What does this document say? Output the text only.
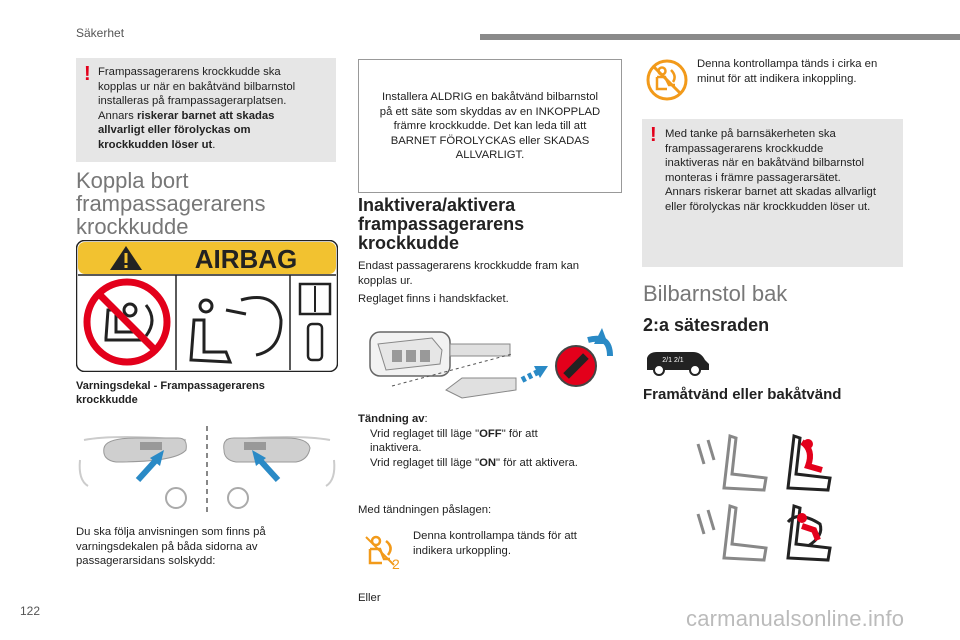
Säkerhet
! Frampassagerarens krockkudde ska
kopplas ur när en bakåtvänd bilbarnstol
installeras på frampassagerarplatsen.
Annars riskerar barnet att skadas
allvarligt eller förolyckas om
krockkudden löser ut.
Koppla bort
frampassagerarens
krockkudde
AIRBAG
Varningsdekal - Frampassagerarens
krockkudde
Du ska följa anvisningen som finns på
varningsdekalen på båda sidorna av
passagerarsidans solskydd:
Installera ALDRIG en bakåtvänd bilbarnstol
på ett säte som skyddas av en INKOPPLAD
främre krockkudde. Det kan leda till att
BARNET FÖROLYCKAS eller SKADAS
ALLVARLIGT.
Inaktivera/aktivera
frampassagerarens
krockkudde
Endast passagerarens krockkudde fram kan
kopplas ur.
Reglaget finns i handskfacket.
Tändning av:
Vrid reglaget till läge "OFF" för att
inaktivera.
Vrid reglaget till läge "ON" för att aktivera.
Med tändningen påslagen:
2
Denna kontrollampa tänds för att
indikera urkoppling.
Eller
Denna kontrollampa tänds i cirka en
minut för att indikera inkoppling.
! Med tanke på barnsäkerheten ska
frampassagerarens krockkudde
inaktiveras när en bakåtvänd bilbarnstol
monteras i främre passagerarsätet.
Annars riskerar barnet att skadas allvarligt
eller förolyckas när krockkudden löser ut.
Bilbarnstol bak
2:a sätesraden
2/1 2/1
Framåtvänd eller bakåtvänd
122	carmanualsonline.info
